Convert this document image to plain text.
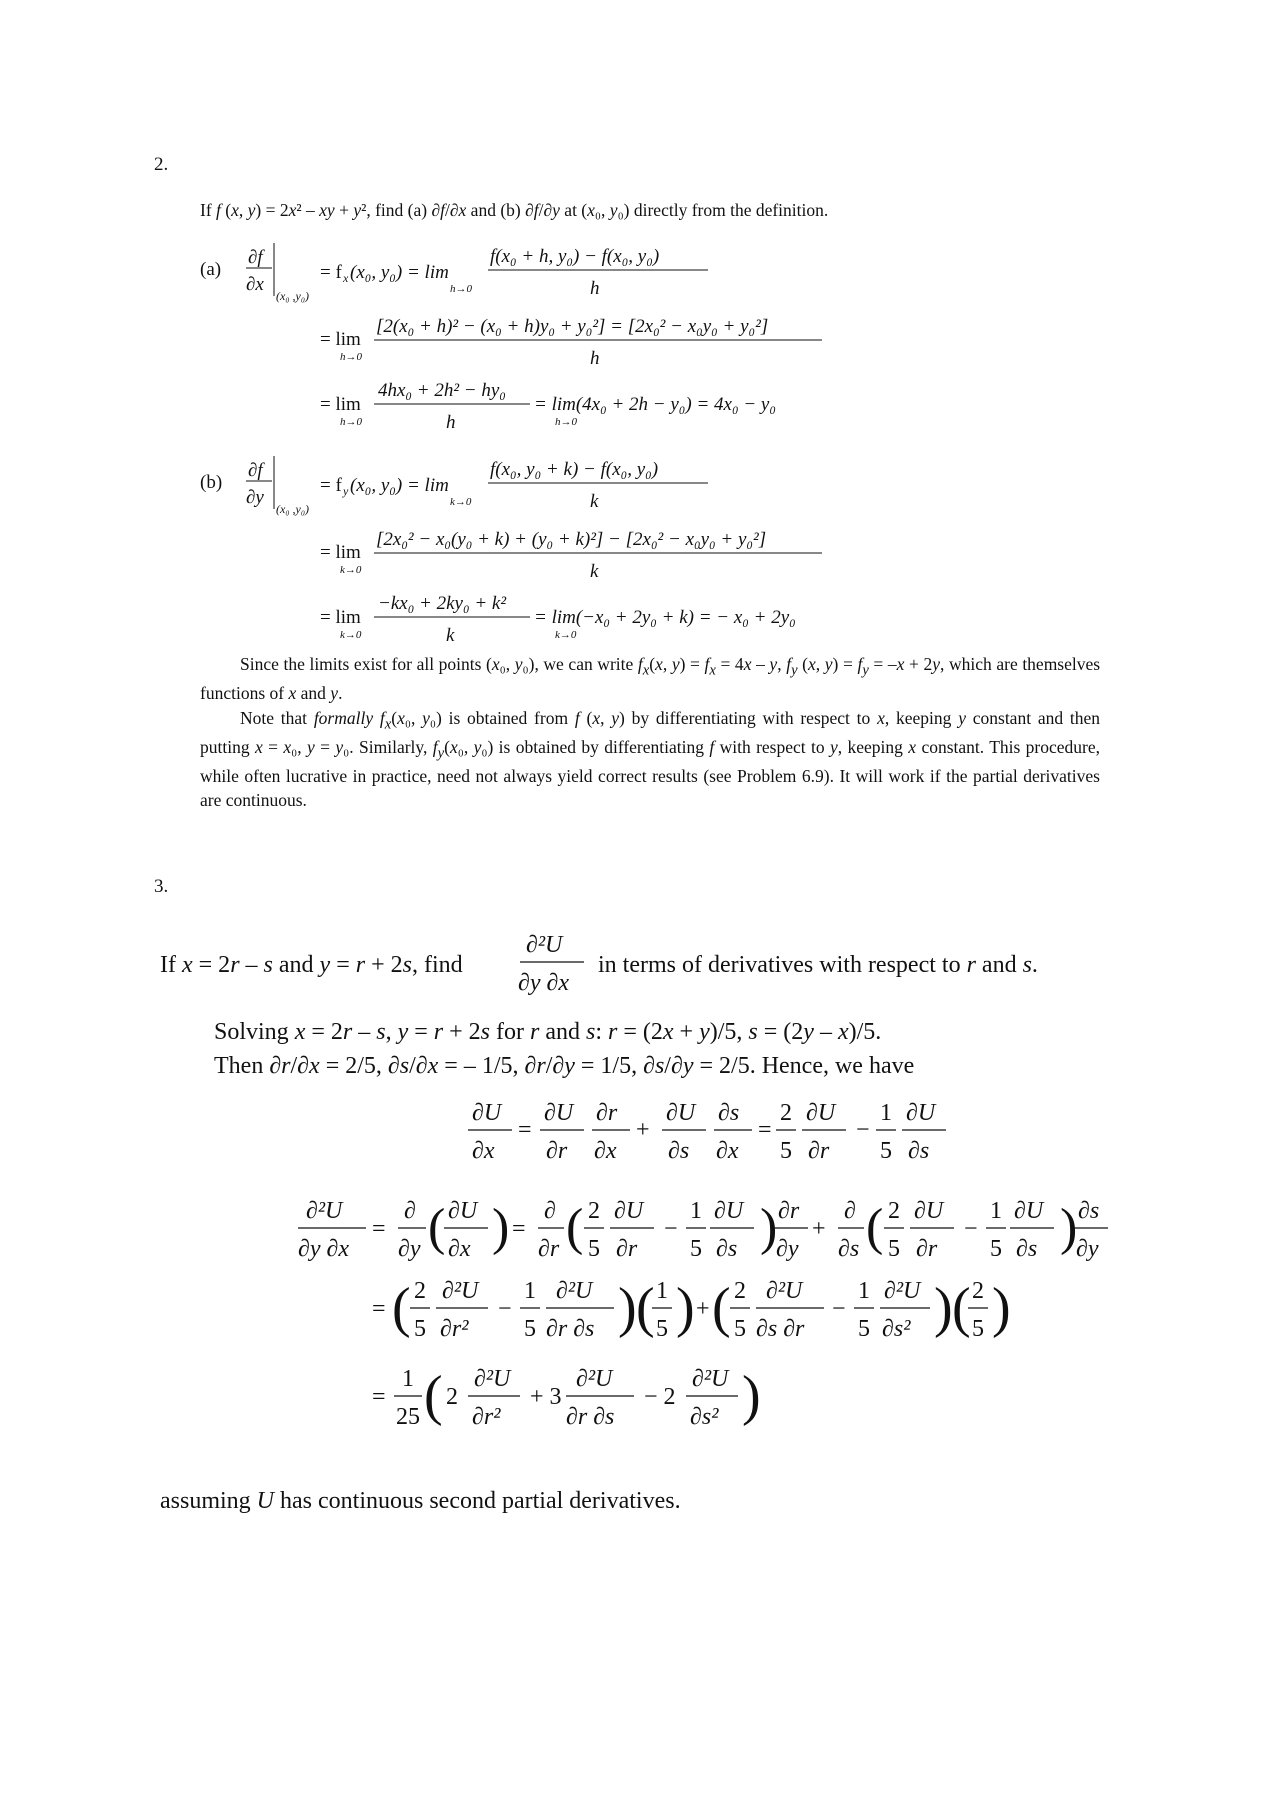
2.
If f (x, y) = 2x² – xy + y², find (a) ∂f/∂x and (b) ∂f/∂y at (x₀, y₀) directly from the definition.
(a)
∂f
∂x
(x₀ ,y₀)
= f x (x₀, y₀) = lim
h→0
f(x₀ + h, y₀) − f(x₀, y₀)
h
= lim
h→0
[2(x₀ + h)² − (x₀ + h)y₀ + y₀²] = [2x₀² − x₀y₀ + y₀²]
h
= lim
h→0
4hx₀ + 2h² − hy₀
h
= lim(4x₀ + 2h − y₀) = 4x₀ − y₀
h→0
(b)
∂f
∂y
(x₀ ,y₀)
= f y (x₀, y₀) = lim
k→0
f(x₀, y₀ + k) − f(x₀, y₀)
k
= lim
k→0
[2x₀² − x₀(y₀ + k) + (y₀ + k)²] − [2x₀² − x₀y₀ + y₀²]
k
= lim
k→0
−kx₀ + 2ky₀ + k²
k
= lim(−x₀ + 2y₀ + k) = − x₀ + 2y₀
k→0
Since the limits exist for all points (x₀, y₀), we can write $f_x(x$, $y) = f_x = 4x - y$, $f_y$ (x, $y) = f_y = -x + 2y$, which are themselves functions of x and y.
Note that formally $f_x(x_0$, y₀) is obtained from f (x, y) by differentiating with respect to x, keeping y constant and then putting x = x₀, y = y₀. Similarly, $f_y(x_0$, y₀) is obtained by differentiating f with respect to y, keeping x constant. This procedure, while often lucrative in practice, need not always yield correct results (see Problem 6.9). It will work if the partial derivatives are continuous.
3.
If x = 2r – s and y = r + 2s, find
∂²U
∂y ∂x
in terms of derivatives with respect to r and s.
Solving x = 2r – s, y = r + 2s for r and s: r = (2x + y)/5, s = (2y – x)/5.
Then ∂r/∂x = 2/5, ∂s/∂x = – 1/5, ∂r/∂y = 1/5, ∂s/∂y = 2/5. Hence, we have
∂U
∂x
=
∂U
∂r
∂r
∂x
+
∂U
∂s
∂s
∂x
=
2
5
∂U
∂r
−
1
5
∂U
∂s
∂²U
∂y ∂x
=
∂
∂y ( ∂U
∂x ) =
∂
∂r ( 2
5
∂U
∂r
−
1
5
∂U
∂s ) ∂r
∂y
+
∂
∂s ( 2
5
∂U
∂r
−
1
5
∂U
∂s ) ∂s
∂y
= ( 2
5
∂²U
∂r²
−
1
5
∂²U
∂r ∂s ) ( 1
5 ) + ( 2
5
∂²U
∂s ∂r
−
1
5
∂²U
∂s² ) ( 2
5 )
=
1
25 ( 2
∂²U
∂r²
+ 3
∂²U
∂r ∂s
− 2
∂²U
∂s² )
assuming U has continuous second partial derivatives.
